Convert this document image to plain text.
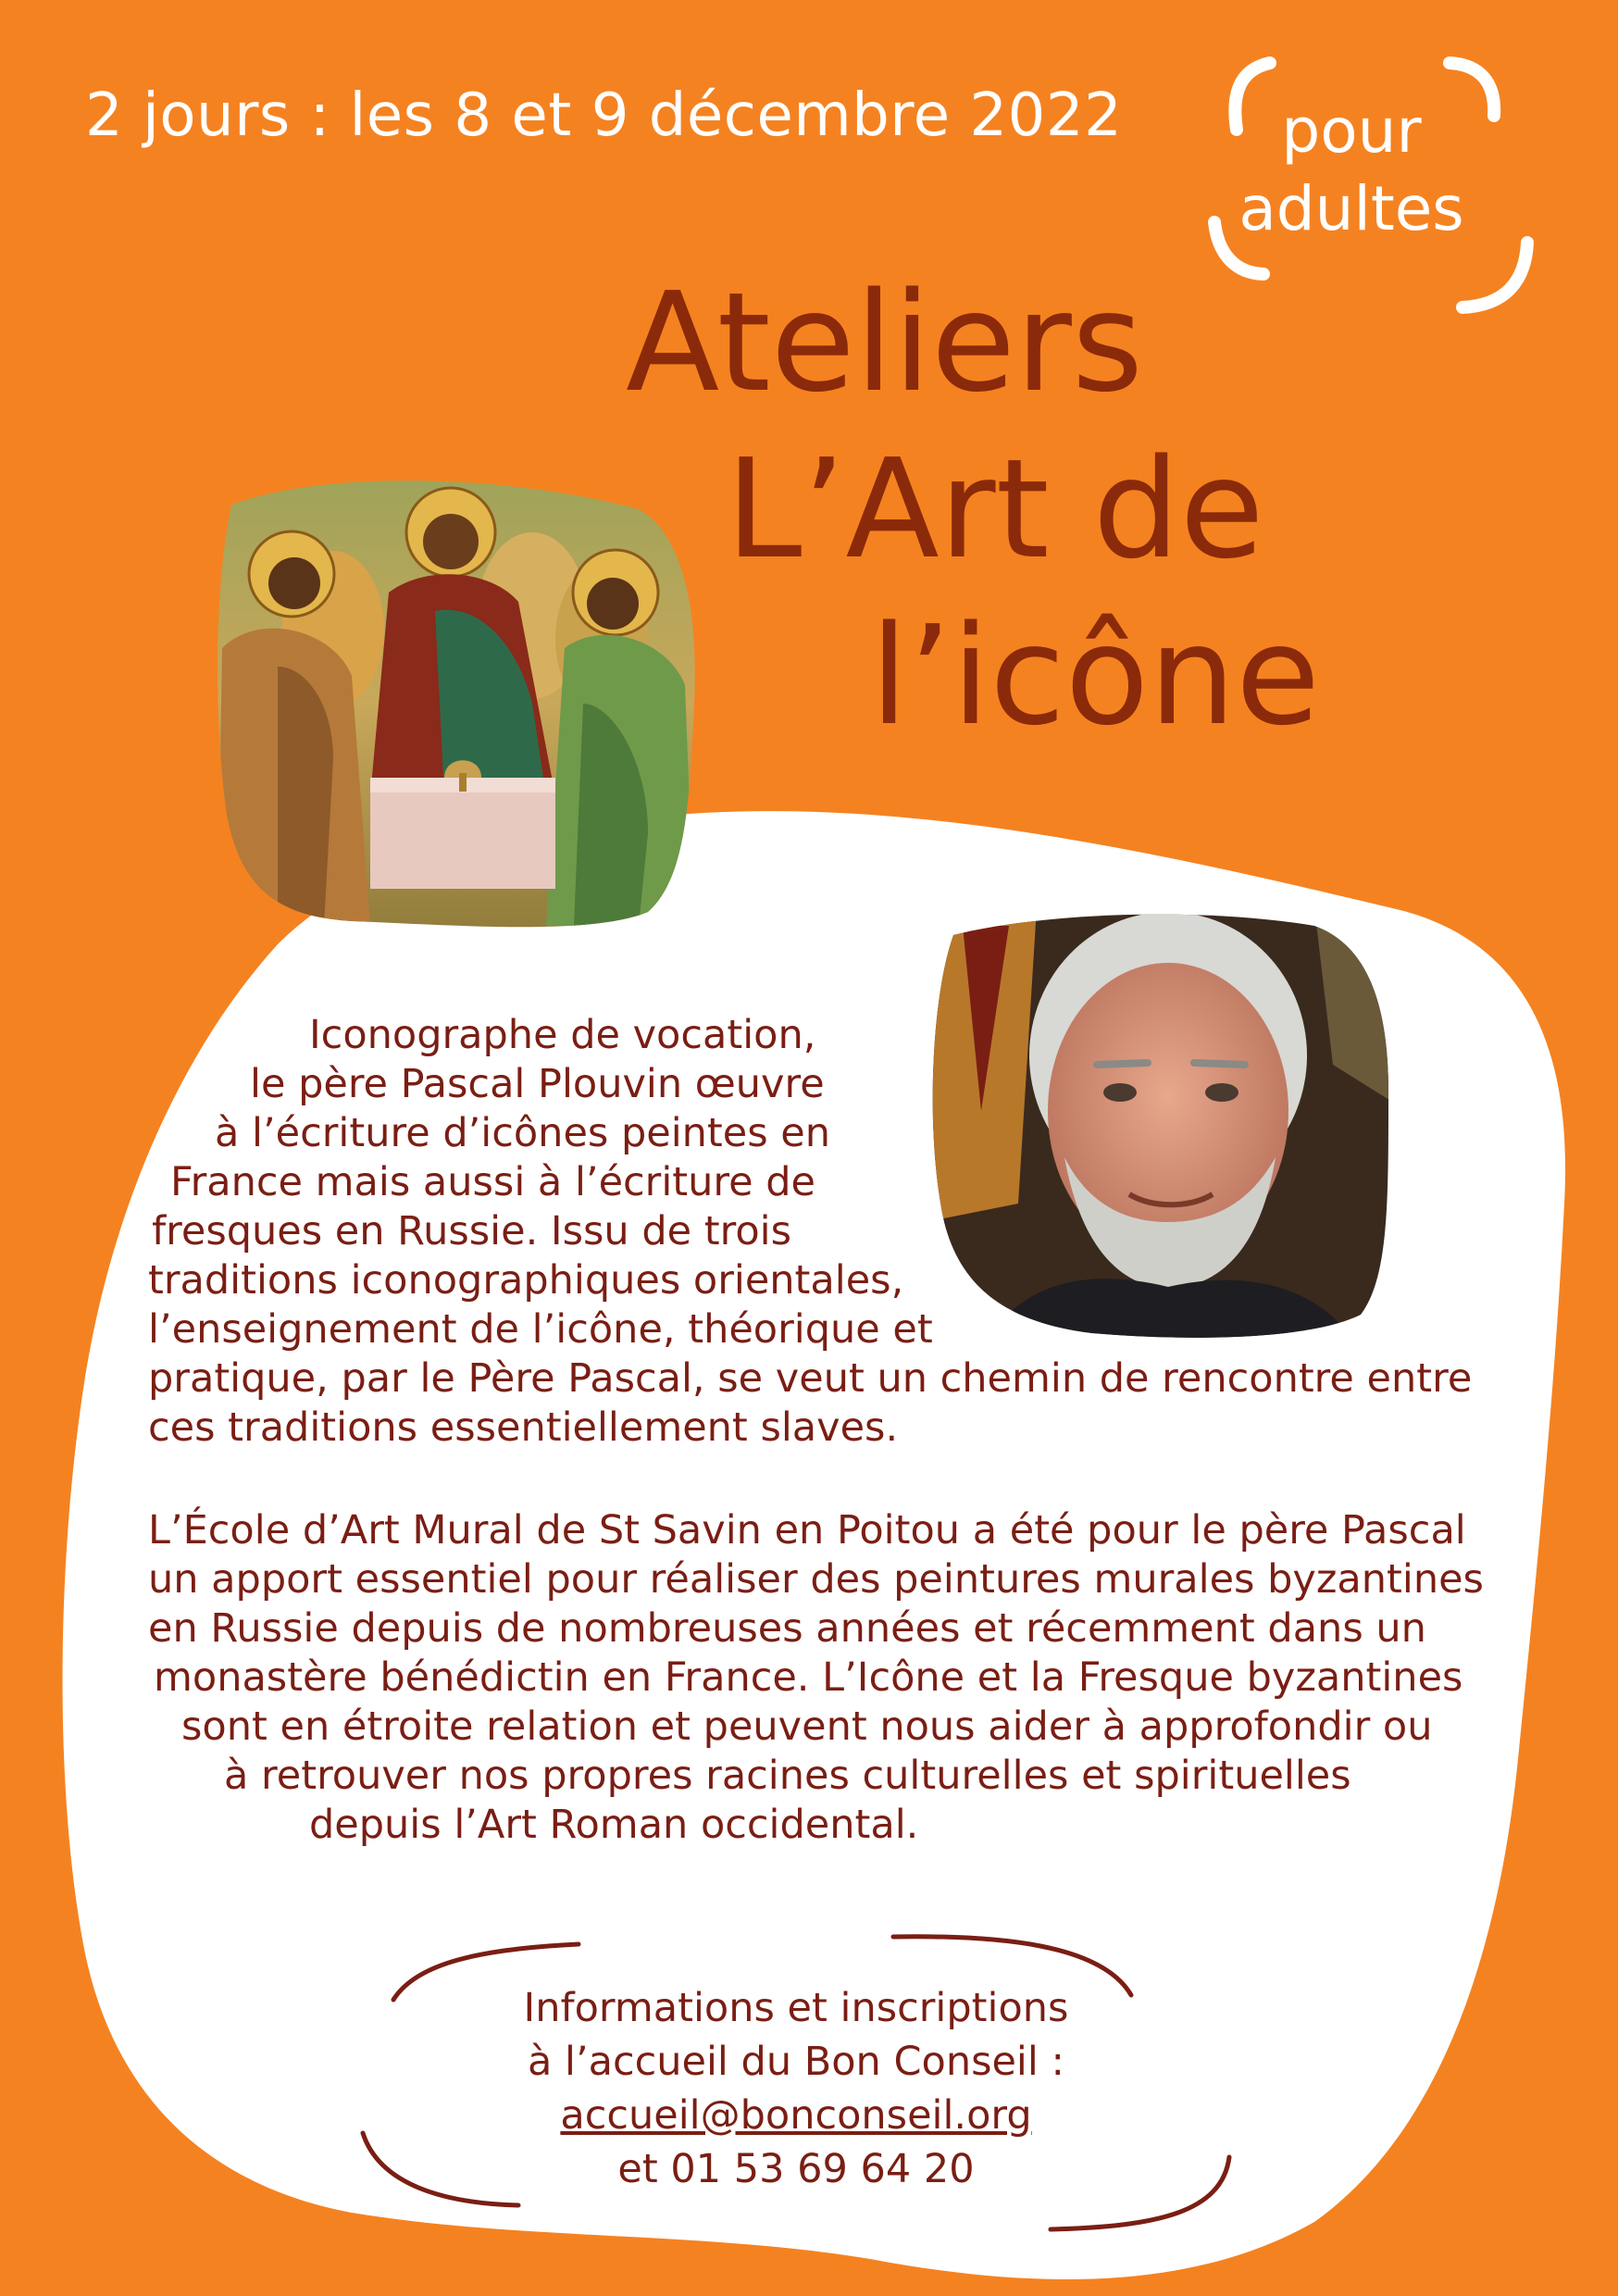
2 jours : les 8 et 9 décembre 2022	pour
adultes
Ateliers
L’Art de
l’icône
Iconographe de vocation,
le père Pascal Plouvin œuvre
à l’écriture d’icônes peintes en
France mais aussi à l’écriture de
fresques en Russie. Issu de trois
traditions iconographiques orientales,
l’enseignement de l’icône, théorique et
pratique, par le Père Pascal, se veut un chemin de rencontre entre
ces traditions essentiellement slaves.
L’École d’Art Mural de St Savin en Poitou a été pour le père Pascal
un apport essentiel pour réaliser des peintures murales byzantines
en Russie depuis de nombreuses années et récemment dans un
monastère bénédictin en France. L’Icône et la Fresque byzantines
sont en étroite relation et peuvent nous aider à approfondir ou
à retrouver nos propres racines culturelles et spirituelles
depuis l’Art Roman occidental.
Informations et inscriptions
à l’accueil du Bon Conseil :
accueil@bonconseil.org
et 01 53 69 64 20
